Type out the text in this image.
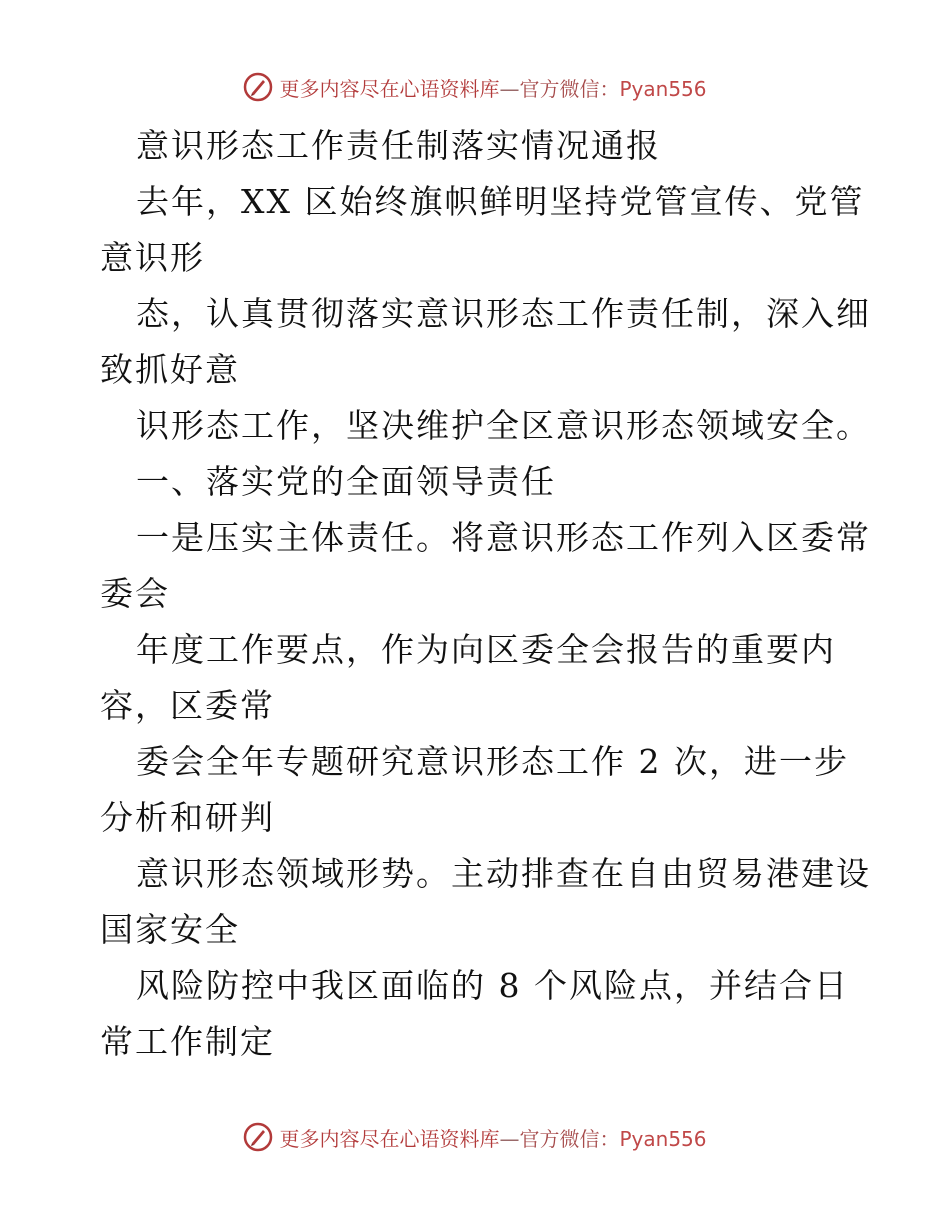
更多内容尽在心语资料库—官方微信：Pyan556
意识形态工作责任制落实情况通报
去年，XX 区始终旗帜鲜明坚持党管宣传、党管
意识形
态，认真贯彻落实意识形态工作责任制，深入细
致抓好意
识形态工作，坚决维护全区意识形态领域安全。
一、落实党的全面领导责任
一是压实主体责任。将意识形态工作列入区委常
委会
年度工作要点，作为向区委全会报告的重要内
容，区委常
委会全年专题研究意识形态工作 2 次，进一步
分析和研判
意识形态领域形势。主动排查在自由贸易港建设
国家安全
风险防控中我区面临的 8 个风险点，并结合日
常工作制定
更多内容尽在心语资料库—官方微信：Pyan556
